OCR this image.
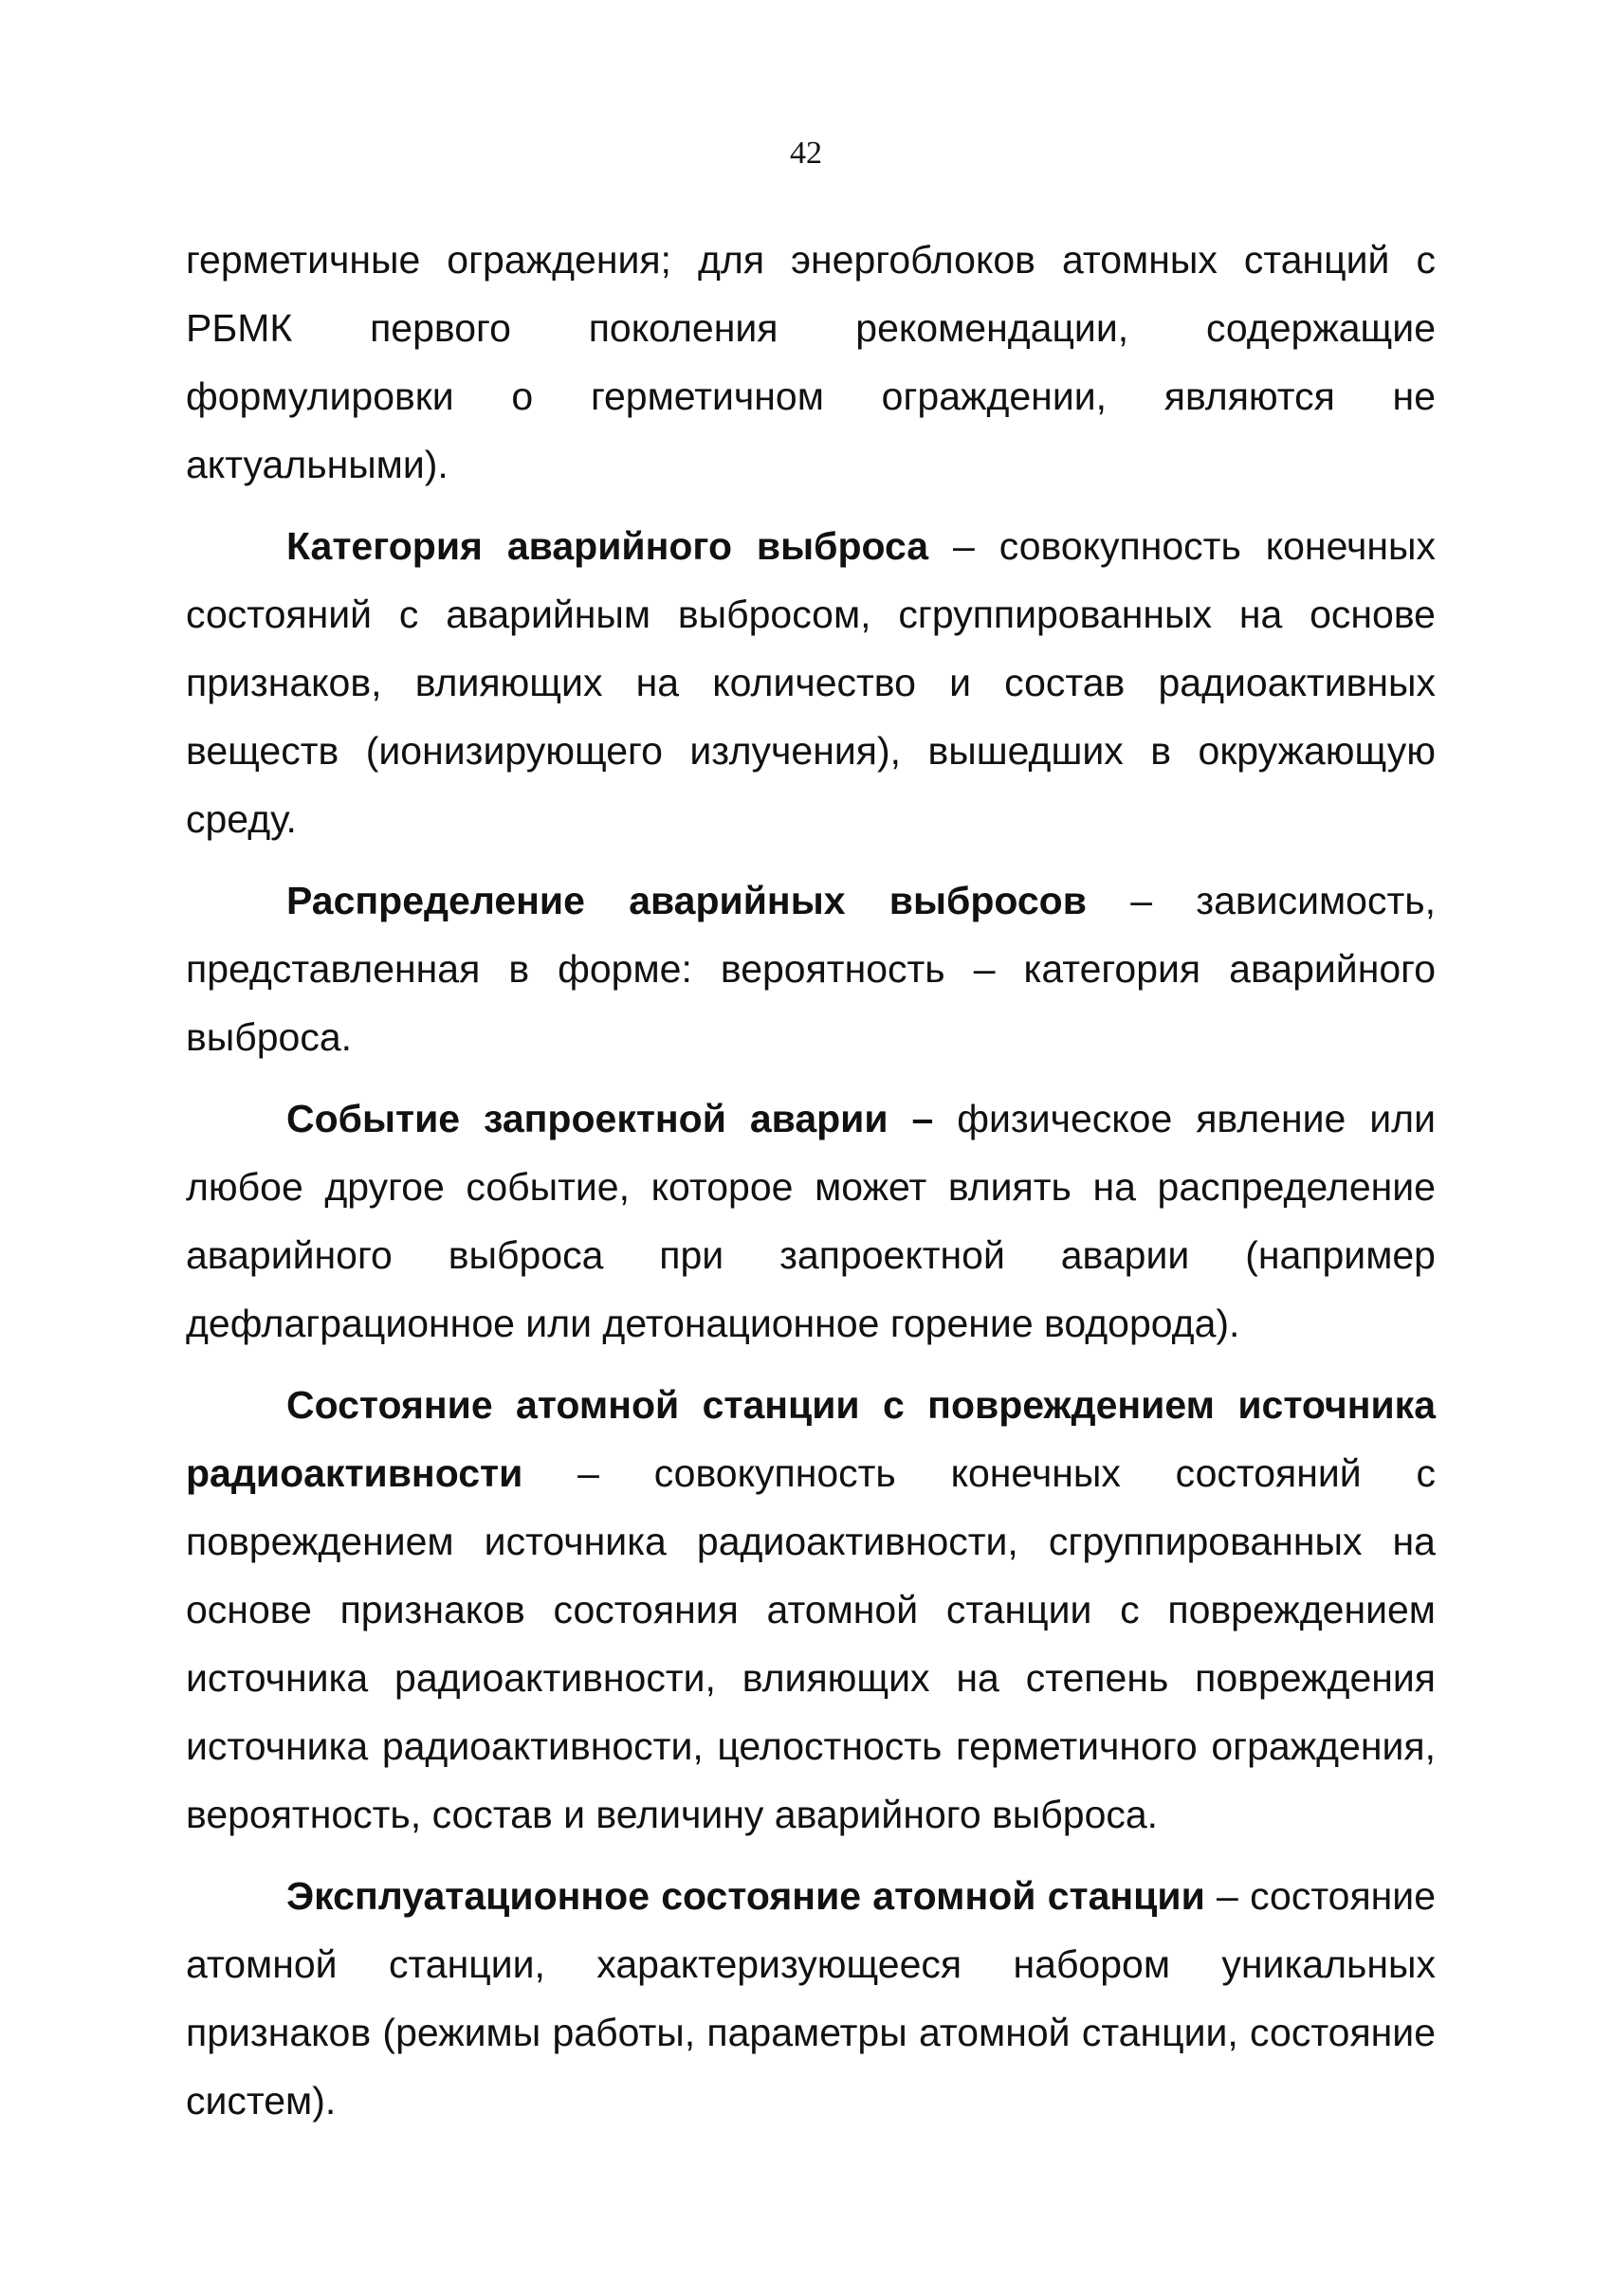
42

герметичные ограждения; для энергоблоков атомных станций с РБМК первого поколения рекомендации, содержащие формулировки о герметичном ограждении, являются не актуальными).

Категория аварийного выброса – совокупность конечных состояний с аварийным выбросом, сгруппированных на основе признаков, влияющих на количество и состав радиоактивных веществ (ионизирующего излучения), вышедших в окружающую среду.

Распределение аварийных выбросов – зависимость, представленная в форме: вероятность – категория аварийного выброса.

Событие запроектной аварии – физическое явление или любое другое событие, которое может влиять на распределение аварийного выброса при запроектной аварии (например дефлаграционное или детонационное горение водорода).

Состояние атомной станции с повреждением источника радиоактивности – совокупность конечных состояний с повреждением источника радиоактивности, сгруппированных на основе признаков состояния атомной станции с повреждением источника радиоактивности, влияющих на степень повреждения источника радиоактивности, целостность герметичного ограждения, вероятность, состав и величину аварийного выброса.

Эксплуатационное состояние атомной станции – состояние атомной станции, характеризующееся набором уникальных признаков (режимы работы, параметры атомной станции, состояние систем).
